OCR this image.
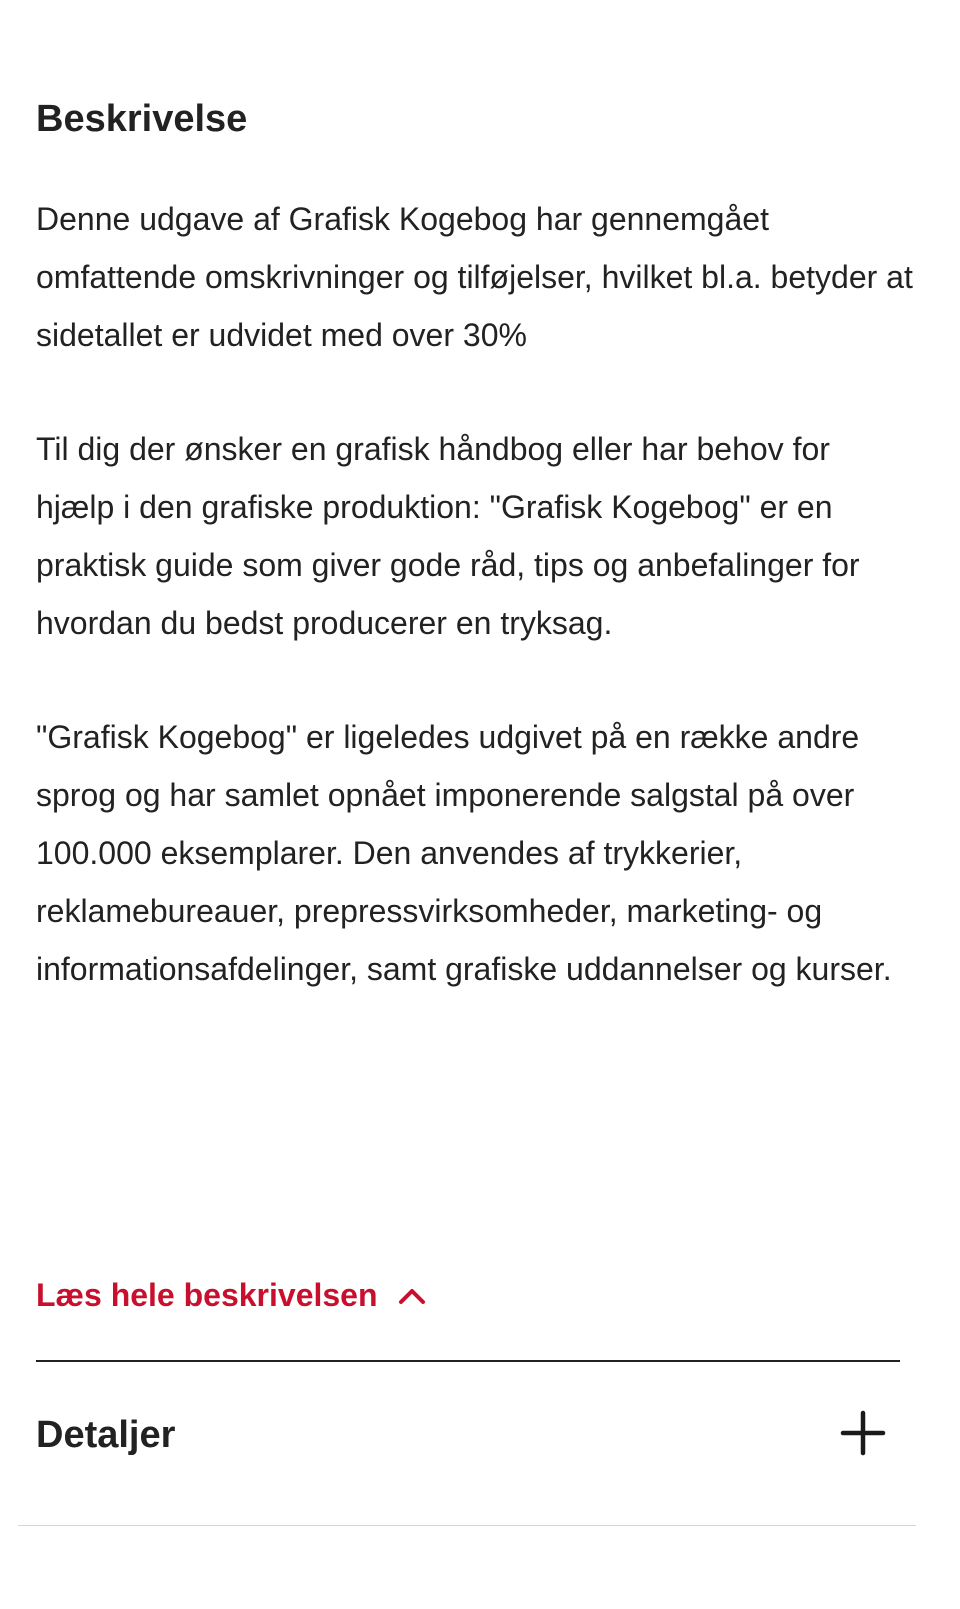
Beskrivelse

Denne udgave af Grafisk Kogebog har gennemgået omfattende omskrivninger og tilføjelser, hvilket bl.a. betyder at sidetallet er udvidet med over 30%

Til dig der ønsker en grafisk håndbog eller har behov for hjælp i den grafiske produktion: "Grafisk Kogebog" er en praktisk guide som giver gode råd, tips og anbefalinger for hvordan du bedst producerer en tryksag.

"Grafisk Kogebog" er ligeledes udgivet på en række andre sprog og har samlet opnået imponerende salgstal på over 100.000 eksemplarer. Den anvendes af trykkerier, reklamebureauer, prepressvirksomheder, marketing- og informationsafdelinger, samt grafiske uddannelser og kurser.

Læs hele beskrivelsen
Detaljer
